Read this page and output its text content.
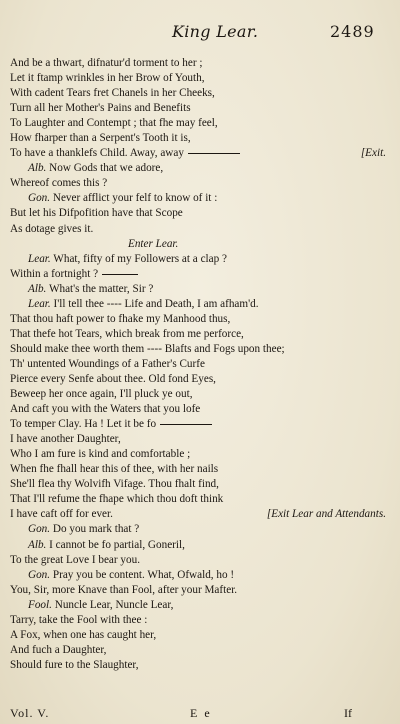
King Lear.	2489
And be a thwart, difnatur'd torment to her ;
Let it ftamp wrinkles in her Brow of Youth,
With cadent Tears fret Chanels in her Cheeks,
Turn all her Mother's Pains and Benefits
To Laughter and Contempt ; that fhe may feel,
How fharper than a Serpent's Tooth it is,
To have a thanklefs Child. Away, away	[Exit.
Alb. Now Gods that we adore,
Whereof comes this ?
Gon. Never afflict your felf to know of it :
But let his Difpofition have that Scope
As dotage gives it.
Enter Lear.
Lear. What, fifty of my Followers at a clap ?
Within a fortnight ?
Alb. What's the matter, Sir ?
Lear. I'll tell thee ---- Life and Death, I am afham'd.
That thou haft power to fhake my Manhood thus,
That thefe hot Tears, which break from me perforce,
Should make thee worth them ---- Blafts and Fogs upon thee;
Th' untented Woundings of a Father's Curfe
Pierce every Senfe about thee. Old fond Eyes,
Beweep her once again, I'll pluck ye out,
And caft you with the Waters that you lofe
To temper Clay. Ha ! Let it be fo
I have another Daughter,
Who I am fure is kind and comfortable ;
When fhe fhall hear this of thee, with her nails
She'll flea thy Wolvifh Vifage. Thou fhalt find,
That I'll refume the fhape which thou doft think
I have caft off for ever.	[Exit Lear and Attendants.
Gon. Do you mark that ?
Alb. I cannot be fo partial, Goneril,
To the great Love I bear you.
Gon. Pray you be content. What, Ofwald, ho !
You, Sir, more Knave than Fool, after your Mafter.
Fool. Nuncle Lear, Nuncle Lear,
Tarry, take the Fool with thee :
A Fox, when one has caught her,
And fuch a Daughter,
Should fure to the Slaughter,
Vol. V.	E e	If
